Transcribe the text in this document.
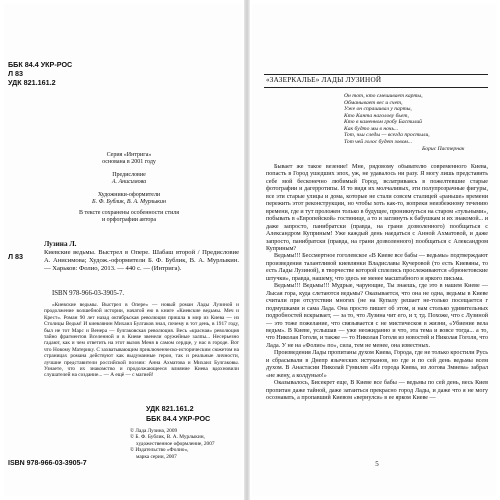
ББК 84.4 УКР-РОС
Л 83
УДК 821.161.2
Серия «Интрига»
основана в 2001 году
Предисловие
А. Анисимова
Художники-оформители
Б. Ф. Бублик, В. А. Мурлыкин
В тексте сохранены особенности стиля
и орфографии автора
Лузина Л.
Л 83	Киевские ведьмы. Выстрел в Опере. Шабаш второй / Предисловие А. Анисимова; Худож.-оформители Б. Ф. Бублик, В. А. Мурлыкин. — Харьков: Фолио, 2013. — 440 с. — (Интрига).
ISBN 978-966-03-3905-7.
«Киевские ведьмы. Выстрел в Опере» — новый роман Лады Лузиной и продолжение волшебной истории, начатой ею в книге «Киевские ведьмы. Меч и Крест». Роман 90 лет назад октябрьская революция пришла в мир из Киева — из Столицы Ведьм! И киевлянин Михаил Булгаков знал, почему в тот день, в 1917 году, был не тот Марс и Венера — булгаковская революция. Весь «красная» революция тайно фрагментов Вселенной и в Киеве звенели оружейные залпы... Несерьезно гадают, как и чем ответить на этот вызов Меня в самом сердце, у нас в городе. Вот что Новому Материку. С захватывающим приключенческо-историческим сюжетом на страницах романа действуют как выдуманные герои, так и реальные личности, лучшие представители российской поэзии: Анна Ахматова и Михаил Булгаковы. Узнаете, что их знакомство и продолжающееся влияние Киева вдохновили слушателей на создание... — А ещё — с магией!
УДК 821.161.2
ББК 84.4 УКР-РОС
© Лада Лузина, 2009
© Б. Ф. Бублик, В. А. Мурлыкин,
художественное оформление, 2007
© Издательство «Фолио»,
марка серии, 2007
ISBN 978-966-03-3905-7
«ЗАЗЕРКАЛЬЕ» ЛАДЫ ЛУЗИНОЙ
Он тот, кто смешивает карты,
Обманывает вес и счет,
Уже он спрашивал у парты,
Кто Канта наголову бьет,
Кто в каменном гробу Бастилий
Как будто мы в ночь...
Тот, чьи следы — всегда простыли,
Тот чей голос будет зовом...
Борис Пастернак

Бывает же такое везение! Мне, рядовому обывателю современного Киева, попасть в Город ушедших эпох, уж, не удавалось ни разу. Я могу лишь представить себе мой бесконечно любимый Город, вслатриваясь в пожелтевшие старые фотографии и дагерротипы. И то видя их молчаливых, эти полупрозрачные фигуры, все эти старые улицы и дома, которые не стали совсем сталицей «раньше» времени пережить этот реконструкции, но чтобы хоть как-то, вопреки неизбежному течению времени, где и тут проложен только в будущее, проникнуться на старом «тульными», побывать в «Европейской» гостинице, а то и заглянуть к бабушкам и их знакомой... и даже запросто, панибратски (правда, на грани дозволенного) пообщаться с Александром Куприным! Уже каждый день наедаться с Анной Ахматовой, и даже запросто, панибратски (правда, на грани дозволенного) пообщаться с Александром Куприным?

Ведьмы!!! Бессмертное гоголевское «В Киеве все бабы — ведьмы» подтверждают произведения талантливой киевлянки Владиславы Кучеровой (то есть Киевяны, то есть Лады Лузиной), в творчестве которой сплелись прослеживаются «брюнетовские штучки», правда, нашему, что здесь не менее масштабного и яркого письма.

Ведьмы!!! Ведьмы!!! Мудрые, чарующие, Ты знаешь, где это в нашем Киеве — Лысая гора, куда слетаются ведьмы? Оказывается, что она не одна, ведьмы в Киеве считали при отсутствии многих (не на Купалу решает не-только посещается г подмушками и сама Лада. Она просто пишет об этом, и нам столько удивительных подробностей вскрывает, — за то, что Лузина чит его, и т, тд. Похоже, что с Лузиной — это тоже пожелание, что связывается с не мистическоя в жизни, «Убиение вела ведьм». В Киеве, услышав — уже неожиданно и что, эта тема и вовсе тогда... а то, что Николая Гоголя, и также — то Николая Гоголя из новостей и Николая Гоголя, что Лада. У не на «Фолио» по», сила, тем не менее, она известных.

Произведения Лады пропитаны духом Киева, Города, где не только кростили Русь и сбрасывали в Днепр языческих истуканов, но где и по сей день ведьмы всем духом. В Анастасии Николай Гумилев «Из города Киева, из логова Змиева» забрал «не жену, а колдунью!»

Оказывалось, Бисекрет еще, В Киеве все бабы — ведьмы по сей день, весь Киев пропитан даже тайной, даже затаиться прекрасно город Лады, и даже что я не могу осознавать, а пропавший Киевом «вернулся» в ее ярком Киеве —

5
